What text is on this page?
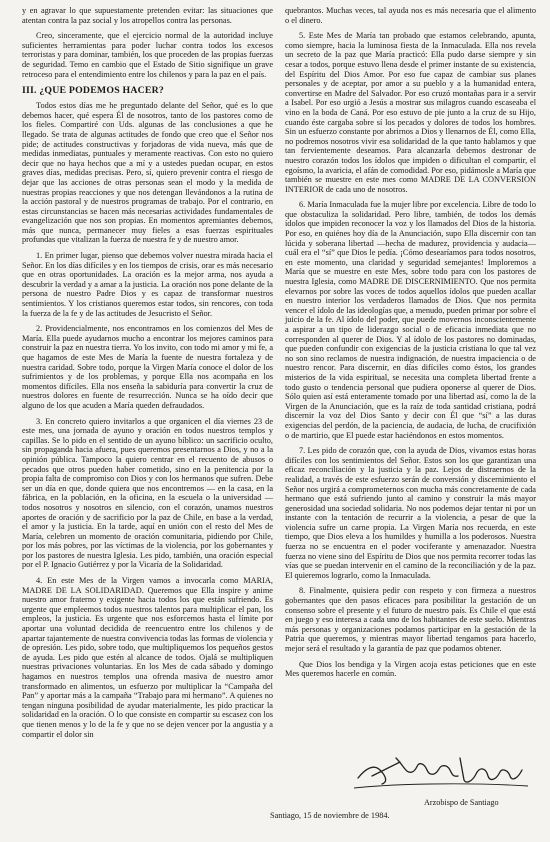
y en agravar lo que supuestamente pretenden evitar: las situaciones que atentan contra la paz social y los atropellos contra las personas.

Creo, sinceramente, que el ejercicio normal de la autoridad incluye suficientes herramientas para poder luchar contra todos los excesos terroristas y para dominar, también, los que proceden de las propias fuerzas de seguridad. Temo en cambio que el Estado de Sitio signifique un grave retroceso para el entendimiento entre los chilenos y para la paz en el país.

III. ¿QUE PODEMOS HACER?

Todos estos días me he preguntado delante del Señor, qué es lo que debemos hacer, qué espera Él de nosotros, tanto de los pastores como de los fieles. Compartiré con Uds. algunas de las conclusiones a que he llegado. Se trata de algunas actitudes de fondo que creo que el Señor nos pide; de actitudes constructivas y forjadoras de vida nueva, más que de medidas inmediatas, puntuales y meramente reactivas. Con esto no quiero decir que no haya hechos que a mí y a ustedes puedan ocupar, en estos graves días, medidas precisas. Pero, sí, quiero prevenir contra el riesgo de dejar que las acciones de otras personas sean el modo y la medida de nuestras propias reacciones y que nos detengan llevándonos a la rutina de la acción pastoral y de nuestros programas de trabajo. Por el contrario, en estas circunstancias se hacen más necesarias actividades fundamentales de evangelización que nos son propias. En momentos apremiantes debemos, más que nunca, permanecer muy fieles a esas fuerzas espirituales profundas que vitalizan la fuerza de nuestra fe y de nuestro amor.

1. En primer lugar, pienso que debemos volver nuestra mirada hacia el Señor. En los días difíciles y en los tiempos de crisis, orar es más necesario que en otras oportunidades. La oración es la mejor arma, nos ayuda a descubrir la verdad y a amar a la justicia. La oración nos pone delante de la persona de nuestro Padre Dios y es capaz de transformar nuestros sentimientos. Y los cristianos queremos estar todos, sin rencores, con toda la fuerza de la fe y de las actitudes de Jesucristo el Señor.

2. Providencialmente, nos encontramos en los comienzos del Mes de María. Ella puede ayudarnos mucho a encontrar los mejores caminos para construir la paz en nuestra tierra. Yo los invito, con todo mi amor y mi fe, a que hagamos de este Mes de María la fuente de nuestra fortaleza y de nuestra caridad. Sobre todo, porque la Virgen María conoce el dolor de los sufrimientos y de los problemas, y porque Ella nos acompaña en los momentos difíciles. Ella nos enseña la sabiduría para convertir la cruz de nuestros dolores en fuente de resurrección. Nunca se ha oído decir que alguno de los que acuden a María queden defraudados.

3. En concreto quiero invitarlos a que organicen el día viernes 23 de este mes, una jornada de ayuno y oración en todos nuestros templos y capillas. Se lo pido en el sentido de un ayuno bíblico: un sacrificio oculto, sin propaganda hacia afuera, pues queremos presentarnos a Dios, y no a la opinión pública. Tampoco la quiero centrar en el recuento de abusos o pecados que otros pueden haber cometido, sino en la penitencia por la propia falta de compromiso con Dios y con los hermanos que sufren. Debe ser un día en que, donde quiera que nos encontremos — en la casa, en la fábrica, en la población, en la oficina, en la escuela o la universidad — todos nosotros y nosotros en silencio, con el corazón, unamos nuestros aportes de oración y de sacrificio por la paz de Chile, en base a la verdad, el amor y la justicia. En la tarde, aquí en unión con el resto del Mes de María, celebren un momento de oración comunitaria, pidiendo por Chile, por los más pobres, por las víctimas de la violencia, por los gobernantes y por los pastores de nuestra Iglesia. Les pido, también, una oración especial por el P. Ignacio Gutiérrez y por la Vicaría de la Solidaridad.

4. En este Mes de la Virgen vamos a invocarla como MARIA, MADRE DE LA SOLIDARIDAD. Queremos que Ella inspire y anime nuestro amor fraterno y exigente hacia todos los que están sufriendo. Es urgente que empleemos todos nuestros talentos para multiplicar el pan, los empleos, la justicia. Es urgente que nos esforcemos hasta el límite por aportar una voluntad decidida de reencuentro entre los chilenos y de apartar tajantemente de nuestra convivencia todas las formas de violencia y de opresión. Les pido, sobre todo, que multipliquemos los pequeños gestos de ayuda. Les pido que estén al alcance de todos. Ojalá se multipliquen nuestras privaciones voluntarias. En los Mes de cada sábado y domingo hagamos en nuestros templos una ofrenda masiva de nuestro amor transformado en alimentos, un esfuerzo por multiplicar la “Campaña del Pan” y aportar más a la campaña “Trabajo para mi hermano”. A quienes no tengan ninguna posibilidad de ayudar materialmente, les pido practicar la solidaridad en la oración. O lo que consiste en compartir su escasez con los que tienen menos y lo de la fe y que no se dejen vencer por la angustia y a compartir el dolor sin

quebrantos. Muchas veces, tal ayuda nos es más necesaria que el alimento o el dinero.

5. Este Mes de María tan probado que estamos celebrando, apunta, como siempre, hacia la luminosa fiesta de la Inmaculada. Ella nos revela un secreto de la paz que María practicó: Ella pudo darse siempre y sin cesar a todos, porque estuvo llena desde el primer instante de su existencia, del Espíritu del Dios Amor. Por eso fue capaz de cambiar sus planes personales y de aceptar, por amor a su pueblo y a la humanidad entera, convertirse en Madre del Salvador. Por eso cruzó montañas para ir a servir a Isabel. Por eso urgió a Jesús a mostrar sus milagros cuando escaseaba el vino en la boda de Caná. Por eso estuvo de pie junto a la cruz de su Hijo, cuando éste cargaba sobre sí los pecados y dolores de todos los hombres. Sin un esfuerzo constante por abrirnos a Dios y llenarnos de Él, como Ella, no podremos nosotros vivir esa solidaridad de la que tanto hablamos y que tan fervientemente deseamos. Para alcanzarla debemos destronar de nuestro corazón todos los ídolos que impiden o dificultan el compartir, el egoísmo, la avaricia, el afán de comodidad. Por eso, pidámosle a María que también se muestre en este mes como MADRE DE LA CONVERSION INTERIOR de cada uno de nosotros.

6. María Inmaculada fue la mujer libre por excelencia. Libre de todo lo que obstaculiza la solidaridad. Pero libre, también, de todos los demás ídolos que impiden reconocer la voz y los llamados del Dios de la historia. Por eso, en quiénes hoy día de la Anunciación, supo Ella discernir con tan lúcida y soberana libertad —hecha de madurez, providencia y audacia— cuál era el “sí” que Dios le pedía. ¡Cómo desearíamos para todos nosotros, en este momento, una claridad y seguridad semejantes! Imploremos a María que se muestre en este Mes, sobre todo para con los pastores de nuestra Iglesia, como MADRE DE DISCERNIMIENTO. Que nos permita elevarnos por sobre las voces de todos aquellos ídolos que pueden acallar en nuestro interior los verdaderos llamados de Dios. Que nos permita vencer el ídolo de las ideologías que, a menudo, pueden primar por sobre el juicio de la fe. Al ídolo del poder, que puede movernos inconscientemente a aspirar a un tipo de liderazgo social o de eficacia inmediata que no corresponden al querer de Dios. Y al ídolo de los pastores no dominadas, que pueden confundir con exigencias de la justicia cristiana lo que tal vez no son sino reclamos de nuestra indignación, de nuestra impaciencia o de nuestro rencor. Para discernir, en días difíciles como éstos, los grandes misterios de la vida espiritual, se necesita una completa libertad frente a todo gusto o tendencia personal que pudiera oponerse al querer de Dios. Sólo quien así está enteramente tomado por una libertad así, como la de la Virgen de la Anunciación, que es la raíz de toda santidad cristiana, podrá discernir la voz del Dios Santo y decir con Él que “sí” a las duras exigencias del perdón, de la paciencia, de audacia, de lucha, de crucifixión o de martirio, que El puede estar haciéndonos en estos momentos.

7. Les pido de corazón que, con la ayuda de Dios, vivamos estas horas difíciles con los sentimientos del Señor. Estos son los que garantizan una eficaz reconciliación y la justicia y la paz. Lejos de distraernos de la realidad, a través de este esfuerzo serán de conversión y discernimiento el Señor nos urgirá a comprometernos con mucha más concretamente de cada hermano que está sufriendo junto al camino y construir la más mayor generosidad una sociedad solidaria. No nos podemos dejar tentar ni por un instante con la tentación de recurrir a la violencia, a pesar de que la violencia sufre un carne propia. La Virgen María nos recuerda, en este tiempo, que Dios eleva a los humildes y humilla a los poderosos. Nuestra fuerza no se encuentra en el poder vociferante y amenazador. Nuestra fuerza no viene sino del Espíritu de Dios que nos permita recorrer todas las vías que se puedan intervenir en el camino de la reconciliación y de la paz. El quieremos lograrlo, como la Inmaculada.

8. Finalmente, quisiera pedir con respeto y con firmeza a nuestros gobernantes que den pasos eficaces para posibilitar la gestación de un consenso sobre el presente y el futuro de nuestro país. Es Chile el que está en juego y eso interesa a cada uno de los habitantes de este suelo. Mientras más personas y organizaciones podamos participar en la gestación de la Patria que queremos, y mientras mayor libertad tengamos para hacerlo, mejor será el resultado y la garantía de paz que podamos obtener.

Que Dios los bendiga y la Virgen acoja estas peticiones que en este Mes queremos hacerle en común.

Arzobispo de Santiago
Santiago, 15 de noviembre de 1984.
